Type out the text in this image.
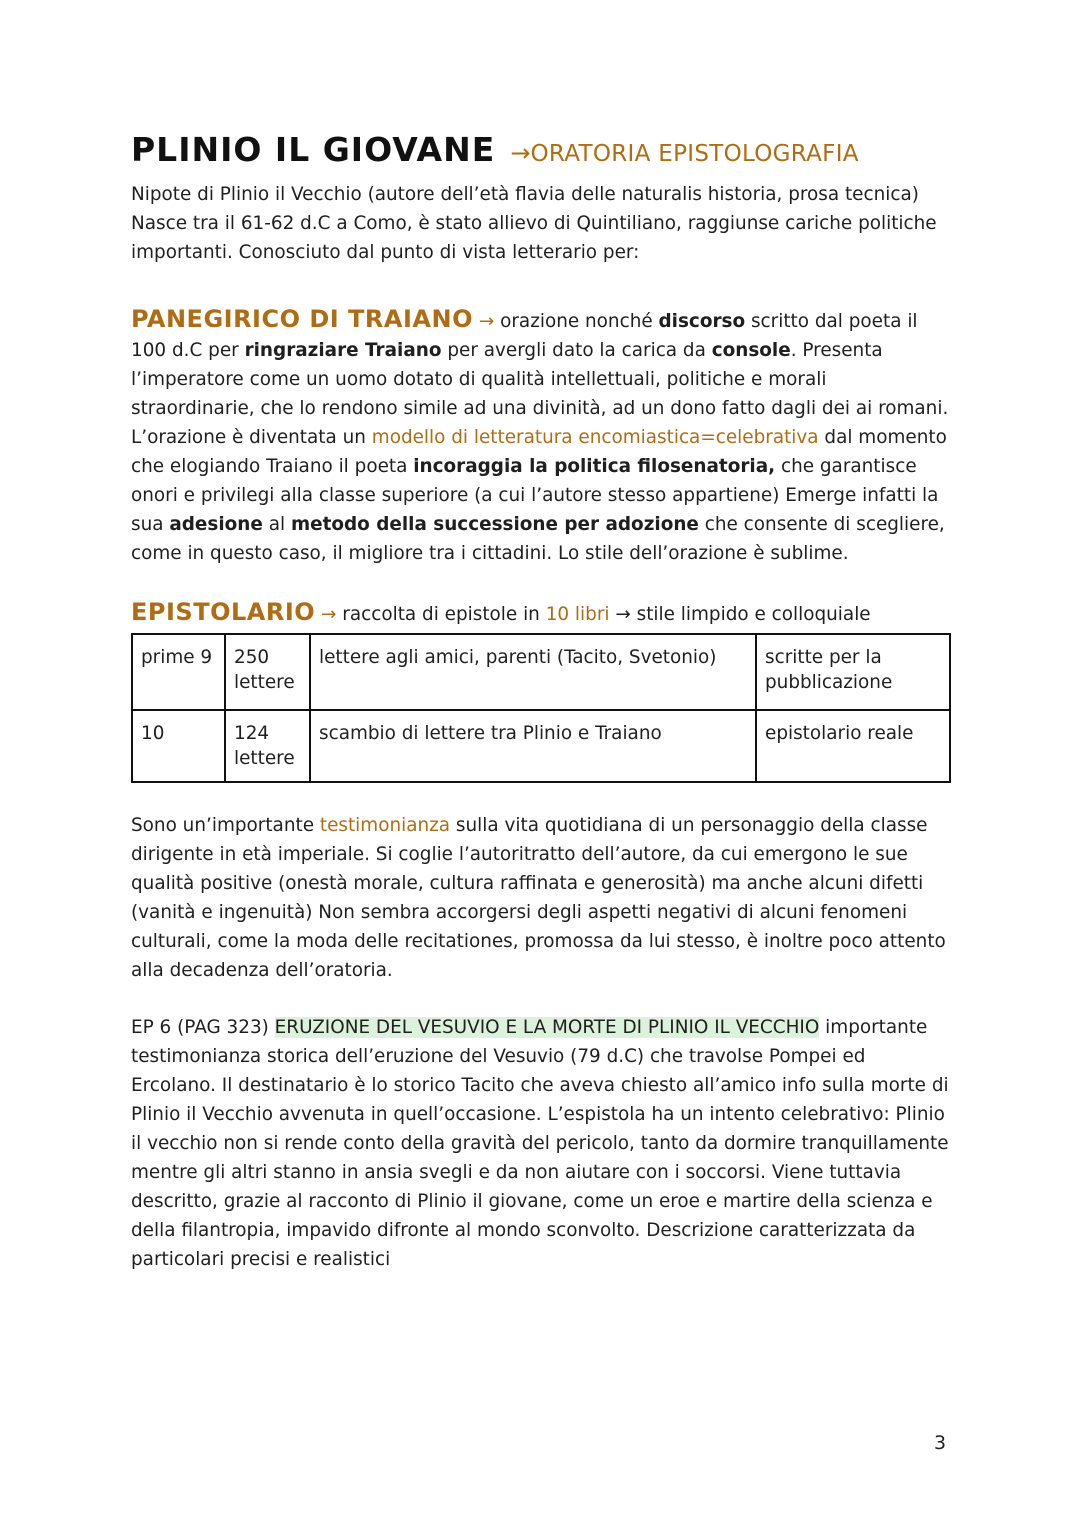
PLINIO IL GIOVANE →ORATORIA EPISTOLOGRAFIA

Nipote di Plinio il Vecchio (autore dell’età flavia delle naturalis historia, prosa tecnica) Nasce tra il 61-62 d.C a Como, è stato allievo di Quintiliano, raggiunse cariche politiche importanti. Conosciuto dal punto di vista letterario per:

PANEGIRICO DI TRAIANO → orazione nonché discorso scritto dal poeta il 100 d.C per ringraziare Traiano per avergli dato la carica da console. Presenta l’imperatore come un uomo dotato di qualità intellettuali, politiche e morali straordinarie, che lo rendono simile ad una divinità, ad un dono fatto dagli dei ai romani. L’orazione è diventata un modello di letteratura encomiastica=celebrativa dal momento che elogiando Traiano il poeta incoraggia la politica filosenatoria, che garantisce onori e privilegi alla classe superiore (a cui l’autore stesso appartiene) Emerge infatti la sua adesione al metodo della successione per adozione che consente di scegliere, come in questo caso, il migliore tra i cittadini. Lo stile dell’orazione è sublime.

EPISTOLARIO → raccolta di epistole in 10 libri → stile limpido e colloquiale

prime 9	250 lettere	lettere agli amici, parenti (Tacito, Svetonio)	scritte per la pubblicazione
10	124 lettere	scambio di lettere tra Plinio e Traiano	epistolario reale

Sono un’importante testimonianza sulla vita quotidiana di un personaggio della classe dirigente in età imperiale. Si coglie l’autoritratto dell’autore, da cui emergono le sue qualità positive (onestà morale, cultura raffinata e generosità) ma anche alcuni difetti (vanità e ingenuità) Non sembra accorgersi degli aspetti negativi di alcuni fenomeni culturali, come la moda delle recitationes, promossa da lui stesso, è inoltre poco attento alla decadenza dell’oratoria.

EP 6 (PAG 323) ERUZIONE DEL VESUVIO E LA MORTE DI PLINIO IL VECCHIO importante testimonianza storica dell’eruzione del Vesuvio (79 d.C) che travolse Pompei ed Ercolano. Il destinatario è lo storico Tacito che aveva chiesto all’amico info sulla morte di Plinio il Vecchio avvenuta in quell’occasione. L’espistola ha un intento celebrativo: Plinio il vecchio non si rende conto della gravità del pericolo, tanto da dormire tranquillamente mentre gli altri stanno in ansia svegli e da non aiutare con i soccorsi. Viene tuttavia descritto, grazie al racconto di Plinio il giovane, come un eroe e martire della scienza e della filantropia, impavido difronte al mondo sconvolto. Descrizione caratterizzata da particolari precisi e realistici

3
